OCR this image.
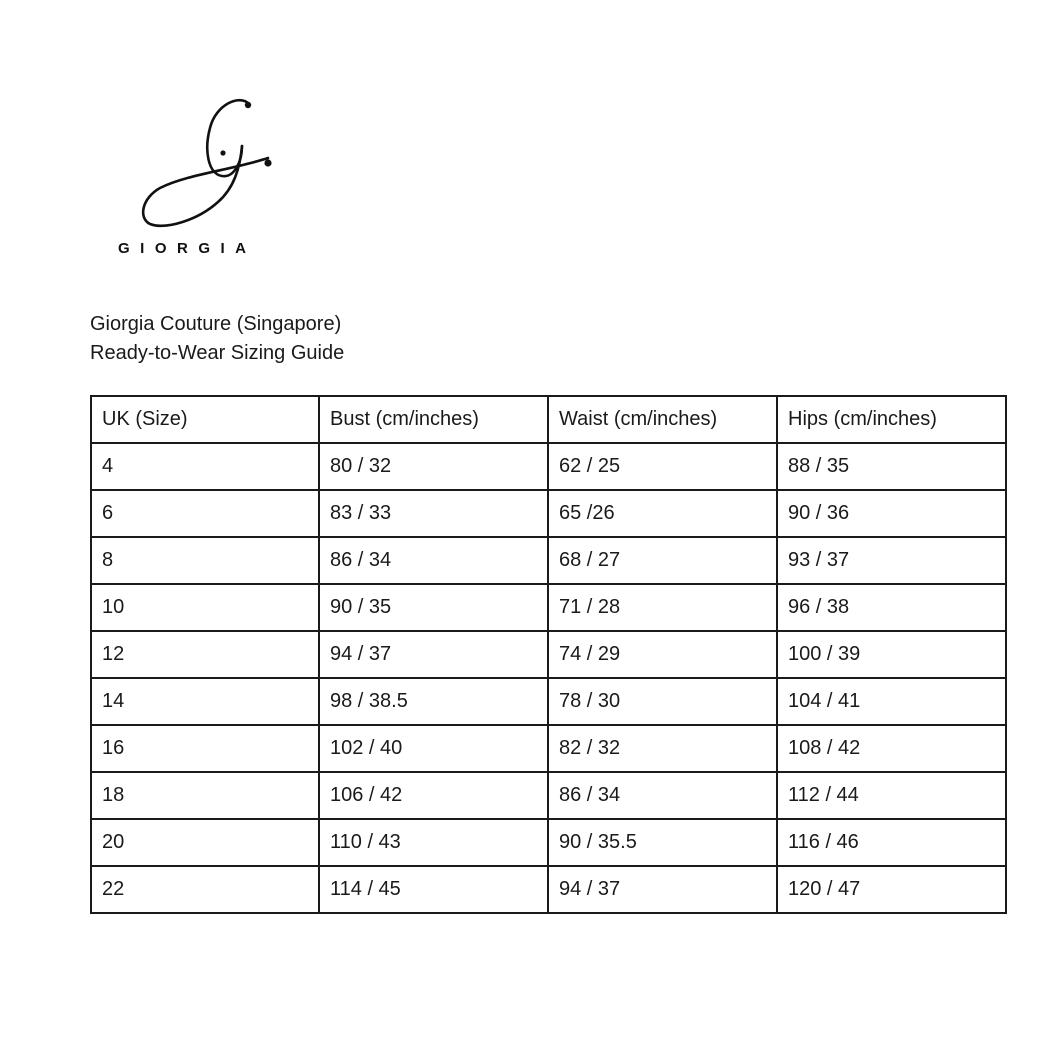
GIORGIA
Giorgia Couture (Singapore)
Ready-to-Wear Sizing Guide
UK (Size)	Bust (cm/inches)	Waist (cm/inches)	Hips (cm/inches)
4	80 / 32	62 / 25	88 / 35
6	83 / 33	65 /26	90 / 36
8	86 / 34	68 / 27	93 / 37
10	90 / 35	71 / 28	96 / 38
12	94 / 37	74 / 29	100 / 39
14	98 / 38.5	78 / 30	104 / 41
16	102 / 40	82 / 32	108 / 42
18	106 / 42	86 / 34	112 / 44
20	110 / 43	90 / 35.5	116 / 46
22	114 / 45	94 / 37	120 / 47
